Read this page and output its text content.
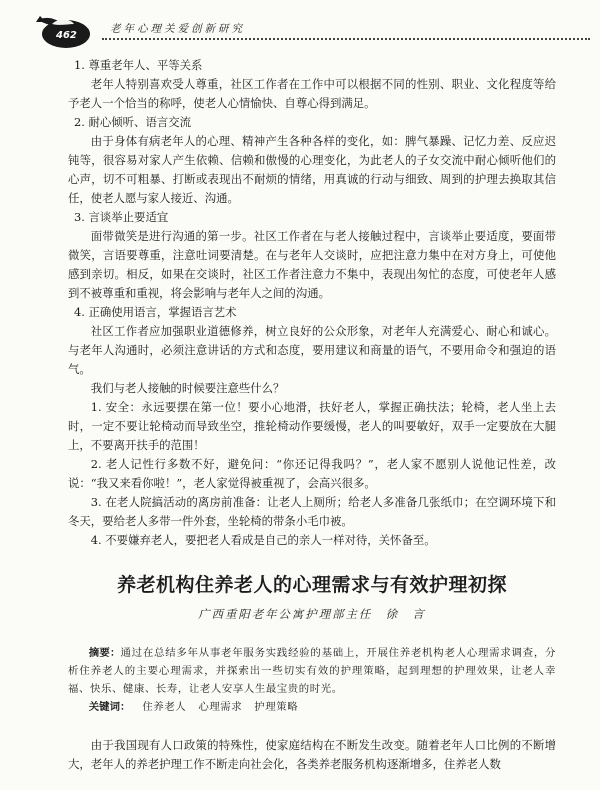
462
老年心理关爱创新研究

1. 尊重老年人、平等关系

老年人特别喜欢受人尊重，社区工作者在工作中可以根据不同的性别、职业、文化程度等给予老人一个恰当的称呼，使老人心情愉快、自尊心得到满足。

2. 耐心倾听、语言交流

由于身体有病老年人的心理、精神产生各种各样的变化，如：脾气暴躁、记忆力差、反应迟钝等，很容易对家人产生依赖、信赖和傲慢的心理变化，为此老人的子女交流中耐心倾听他们的心声，切不可粗暴、打断或表现出不耐烦的情绪，用真诚的行动与细致、周到的护理去换取其信任，使老人愿与家人接近、沟通。

3. 言谈举止要适宜

面带微笑是进行沟通的第一步。社区工作者在与老人接触过程中，言谈举止要适度，要面带微笑，言语要尊重，注意吐词要清楚。在与老年人交谈时，应把注意力集中在对方身上，可使他感到亲切。相反，如果在交谈时，社区工作者注意力不集中，表现出匆忙的态度，可使老年人感到不被尊重和重视，将会影响与老年人之间的沟通。

4. 正确使用语言，掌握语言艺术

社区工作者应加强职业道德修养，树立良好的公众形象，对老年人充满爱心、耐心和诚心。与老年人沟通时，必须注意讲话的方式和态度，要用建议和商量的语气，不要用命令和强迫的语气。

我们与老人接触的时候要注意些什么？

1. 安全：永远要摆在第一位！要小心地滑，扶好老人，掌握正确扶法；轮椅，老人坐上去时，一定不要让轮椅动而导致坐空，推轮椅动作要缓慢，老人的叫要敏好，双手一定要放在大腿上，不要离开扶手的范围！

2. 老人记性行多数不好，避免问：“你还记得我吗？”，老人家不愿别人说他记性差，改说：“我又来看你啦！”，老人家觉得被重视了，会高兴很多。

3. 在老人院搞活动的离房前准备：让老人上厕所；给老人多准备几张纸巾；在空调环境下和冬天，要给老人多带一件外套，坐轮椅的带条小毛巾被。

4. 不要嫌弃老人，要把老人看成是自己的亲人一样对待，关怀备至。

养老机构住养老人的心理需求与有效护理初探
广西重阳老年公寓护理部主任　徐　言

摘要：通过在总结多年从事老年服务实践经验的基础上，开展住养老机构老人心理需求调查，分析住养老人的主要心理需求，并探索出一些切实有效的护理策略，起到理想的护理效果，让老人幸福、快乐、健康、长寿，让老人安享人生最宝贵的时光。

关键词： 住养老人 心理需求 护理策略

由于我国现有人口政策的特殊性，使家庭结构在不断发生改变。随着老年人口比例的不断增大，老年人的养老护理工作不断走向社会化，各类养老服务机构逐渐增多，住养老人数
